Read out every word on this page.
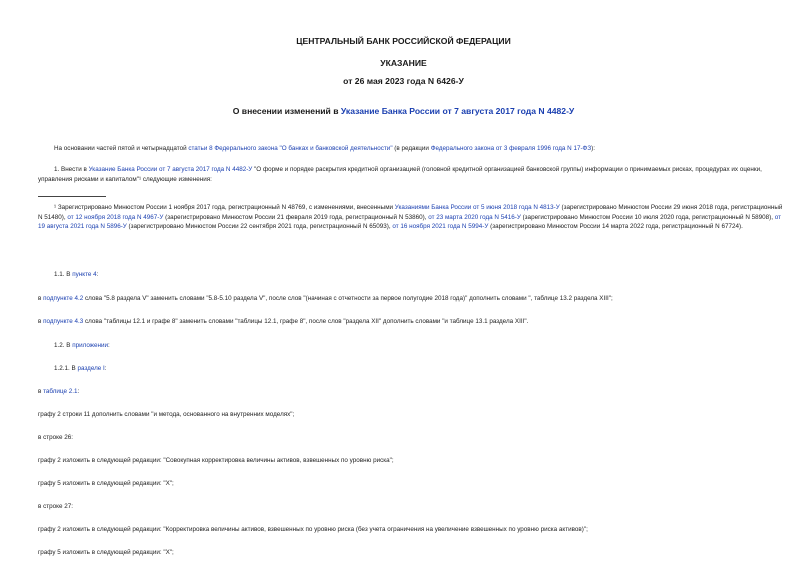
ЦЕНТРАЛЬНЫЙ БАНК РОССИЙСКОЙ ФЕДЕРАЦИИ

УКАЗАНИЕ

от 26 мая 2023 года N 6426-У

О внесении изменений в Указание Банка России от 7 августа 2017 года N 4482-У

На основании частей пятой и четырнадцатой статьи 8 Федерального закона "О банках и банковской деятельности" (в редакции Федерального закона от 3 февраля 1996 года N 17-ФЗ):

1. Внести в Указание Банка России от 7 августа 2017 года N 4482-У "О форме и порядке раскрытия кредитной организацией (головной кредитной организацией банковской группы) информации о принимаемых рисках, процедурах их оценки, управления рисками и капиталом"¹ следующие изменения:

¹ Зарегистрировано Минюстом России 1 ноября 2017 года, регистрационный N 48769, с изменениями, внесенными Указаниями Банка России от 5 июня 2018 года N 4813-У (зарегистрировано Минюстом России 29 июня 2018 года, регистрационный N 51480), от 12 ноября 2018 года N 4967-У (зарегистрировано Минюстом России 21 февраля 2019 года, регистрационный N 53860), от 23 марта 2020 года N 5416-У (зарегистрировано Минюстом России 10 июля 2020 года, регистрационный N 58908), от 19 августа 2021 года N 5896-У (зарегистрировано Минюстом России 22 сентября 2021 года, регистрационный N 65093), от 16 ноября 2021 года N 5994-У (зарегистрировано Минюстом России 14 марта 2022 года, регистрационный N 67724).

1.1. В пункте 4:

в подпункте 4.2 слова "5.8 раздела V" заменить словами "5.8-5.10 раздела V", после слов "(начиная с отчетности за первое полугодие 2018 года)" дополнить словами ", таблице 13.2 раздела XIII";

в подпункте 4.3 слова "таблицы 12.1 и графе 8" заменить словами "таблицы 12.1, графе 8", после слов "раздела XII" дополнить словами "и таблице 13.1 раздела XIII".

1.2. В приложении:

1.2.1. В разделе I:

в таблице 2.1:

графу 2 строки 11 дополнить словами "и метода, основанного на внутренних моделях";

в строке 26:

графу 2 изложить в следующей редакции: "Совокупная корректировка величины активов, взвешенных по уровню риска";

графу 5 изложить в следующей редакции: "X";

в строке 27:

графу 2 изложить в следующей редакции: "Корректировка величины активов, взвешенных по уровню риска (без учета ограничения на увеличение взвешенных по уровню риска активов)";

графу 5 изложить в следующей редакции: "X";
